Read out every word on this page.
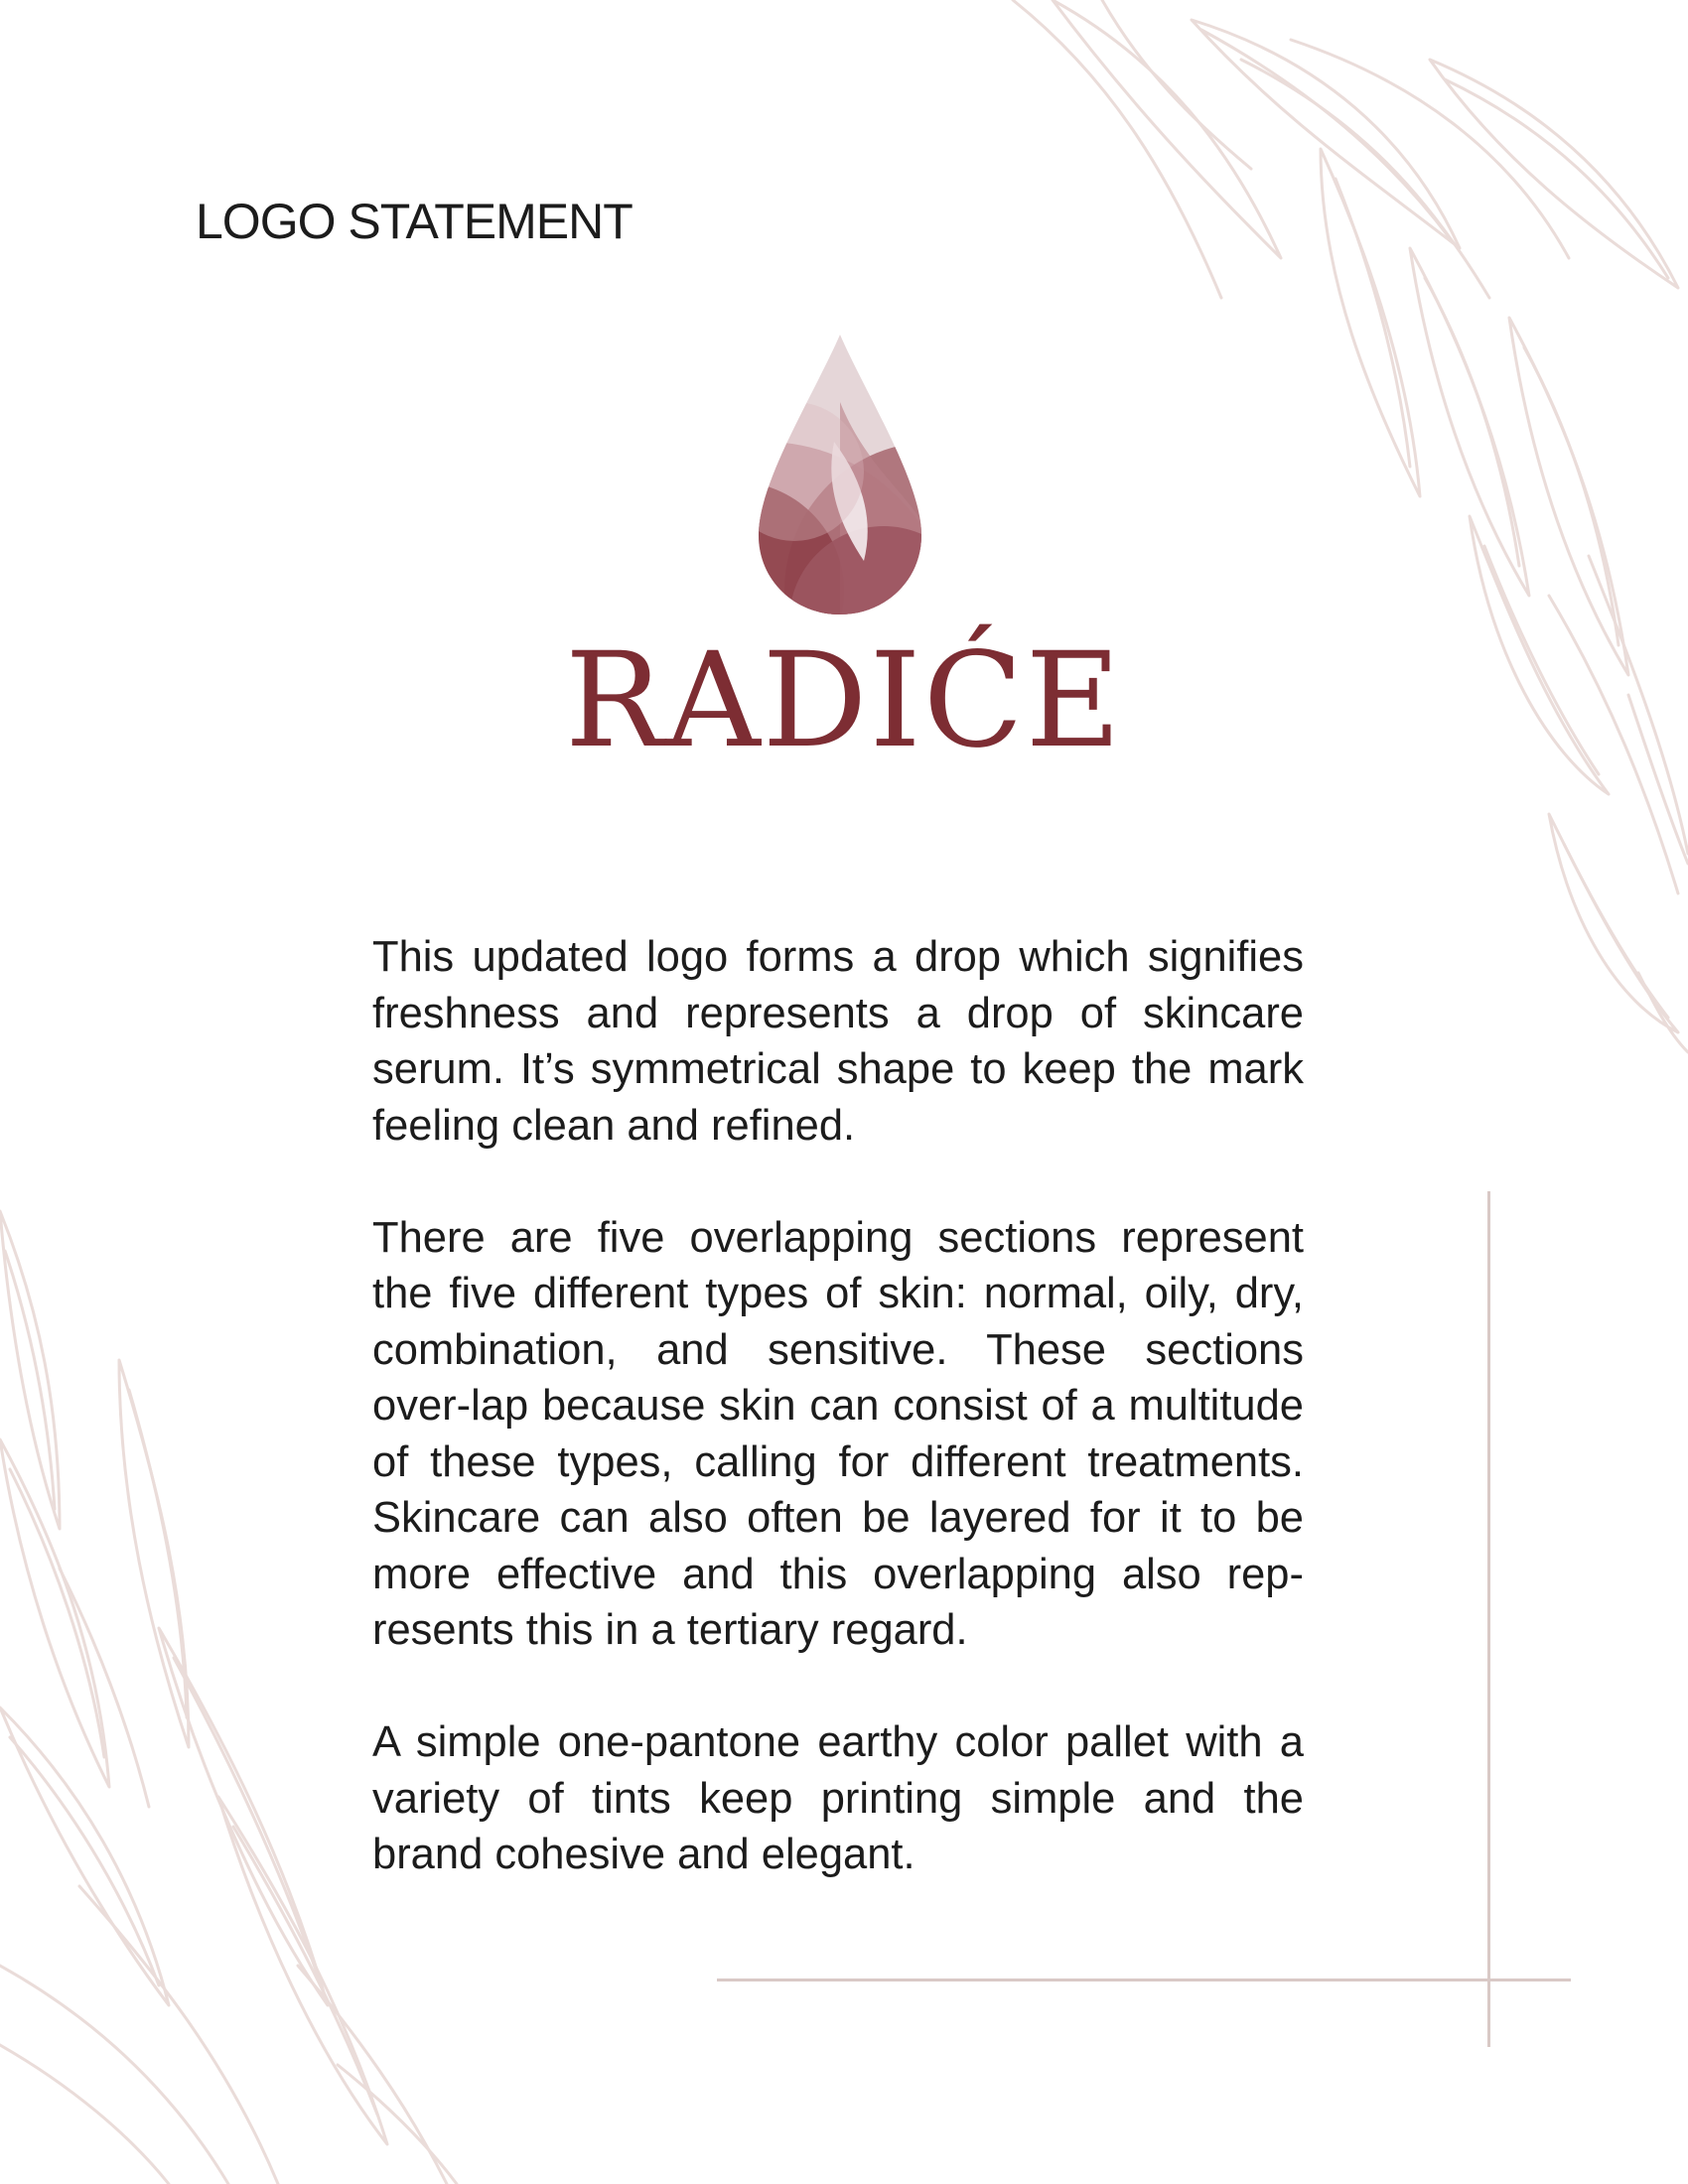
LOGO STATEMENT
RADIĆE

This updated logo forms a drop which signifies freshness and represents a drop of skincare serum. It’s symmetrical shape to keep the mark feeling clean and refined.

There are five overlapping sections represent the five different types of skin: normal, oily, dry, combination, and sensitive. These sections over-lap because skin can consist of a multitude of these types, calling for different treatments. Skincare can also often be layered for it to be more effective and this overlapping also rep-resents this in a tertiary regard.

A simple one-pantone earthy color pallet with a variety of tints keep printing simple and the brand cohesive and elegant.
